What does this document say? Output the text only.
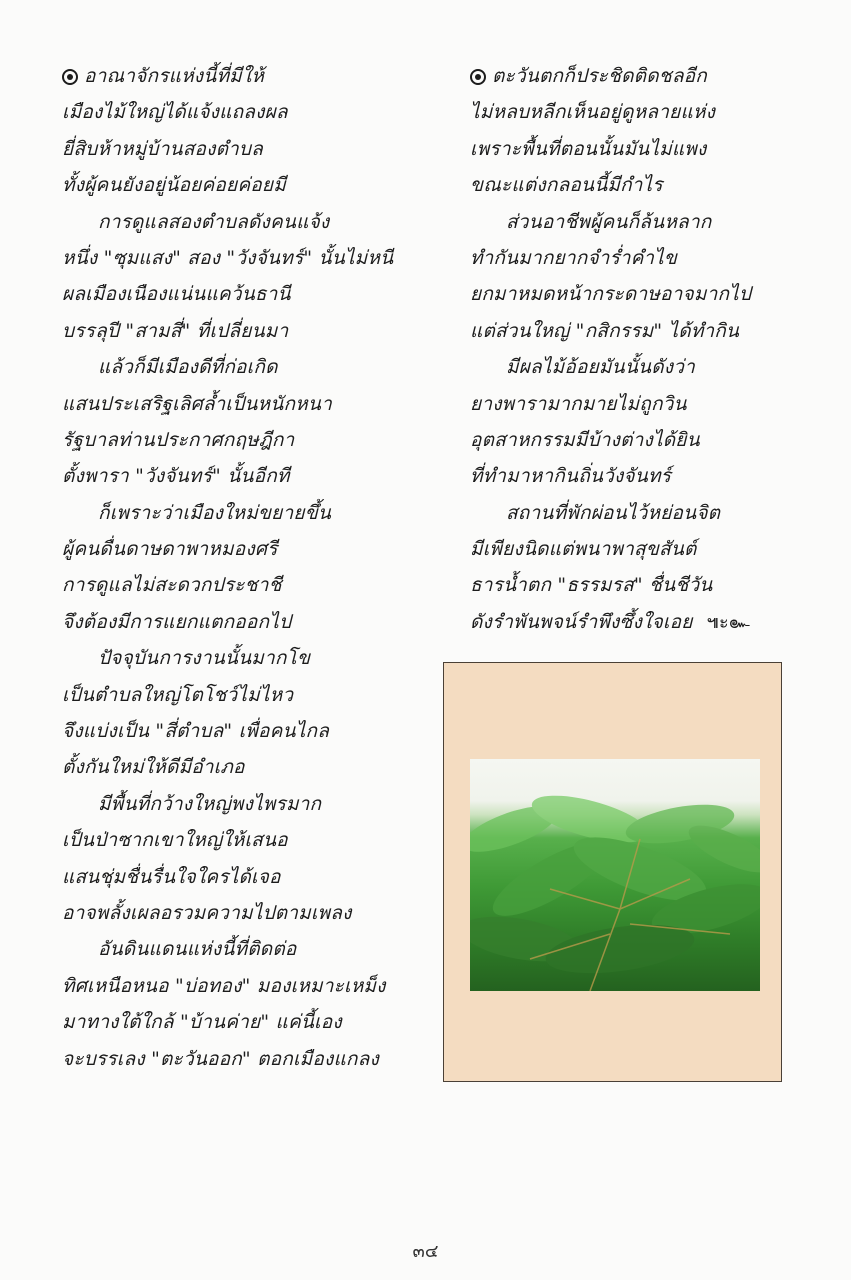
อาณาจักรแห่งนี้ที่มีให้
เมืองไม้ใหญ่ได้แจ้งแถลงผล
ยี่สิบห้าหมู่บ้านสองตำบล
ทั้งผู้คนยังอยู่น้อยค่อยค่อยมี
การดูแลสองตำบลดังคนแจ้ง
หนึ่ง "ซุมแสง" สอง "วังจันทร์" นั้นไม่หนี
ผลเมืองเนืองแน่นแคว้นธานี
บรรลุปี "สามสี่" ที่เปลี่ยนมา
แล้วก็มีเมืองดีที่ก่อเกิด
แสนประเสริฐเลิศล้ำเป็นหนักหนา
รัฐบาลท่านประกาศกฤษฎีกา
ตั้งพารา "วังจันทร์" นั้นอีกที
ก็เพราะว่าเมืองใหม่ขยายขึ้น
ผู้คนดื่นดาษดาพาหมองศรี
การดูแลไม่สะดวกประชาชี
จึงต้องมีการแยกแตกออกไป
ปัจจุบันการงานนั้นมากโข
เป็นตำบลใหญ่โตโชว์ไม่ไหว
จึงแบ่งเป็น "สี่ตำบล" เพื่อคนไกล
ตั้งกันใหม่ให้ดีมีอำเภอ
มีพื้นที่กว้างใหญ่พงไพรมาก
เป็นป่าซากเขาใหญ่ให้เสนอ
แสนชุ่มชื่นรื่นใจใครได้เจอ
อาจพลั้งเผลอรวมความไปตามเพลง
อันดินแดนแห่งนี้ที่ติดต่อ
ทิศเหนือหนอ "บ่อทอง" มองเหมาะเหม็ง
มาทางใต้ใกล้ "บ้านค่าย" แค่นี้เอง
จะบรรเลง "ตะวันออก" ตอกเมืองแกลง
ตะวันตกก็ประชิดติดชลอีก
ไม่หลบหลีกเห็นอยู่ดูหลายแห่ง
เพราะพื้นที่ตอนนั้นมันไม่แพง
ขณะแต่งกลอนนี้มีกำไร
ส่วนอาชีพผู้คนก็ล้นหลาก
ทำกันมากยากจำร่ำคำไข
ยกมาหมดหน้ากระดาษอาจมากไป
แต่ส่วนใหญ่ "กสิกรรม" ได้ทำกิน
มีผลไม้อ้อยมันนั้นดังว่า
ยางพารามากมายไม่ถูกวิน
อุตสาหกรรมมีบ้างต่างได้ยิน
ที่ทำมาหากินถิ่นวังจันทร์
สถานที่พักผ่อนไว้หย่อนจิต
มีเพียงนิดแต่พนาพาสุขสันต์
ธารน้ำตก "ธรรมรส" ชื่นชีวัน
ดังรำพันพจน์รำพึงซึ้งใจเอย ๚ะ๛
๓๔
